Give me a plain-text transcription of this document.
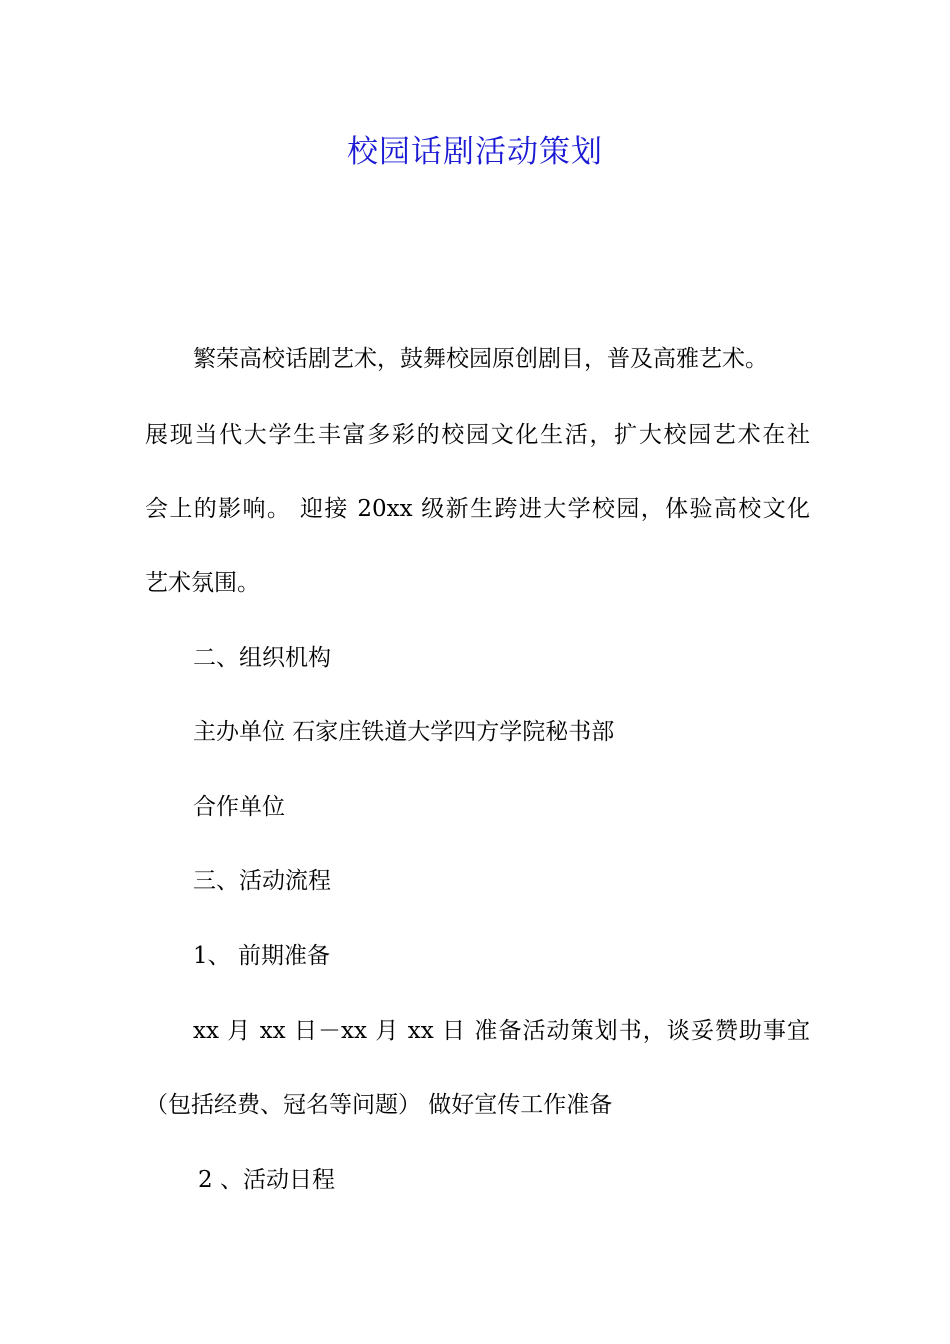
校园话剧活动策划
繁荣高校话剧艺术，鼓舞校园原创剧目，普及高雅艺术。
展现当代大学生丰富多彩的校园文化生活，扩大校园艺术在社
会上的影响。 迎接 20xx 级新生跨进大学校园，体验高校文化
艺术氛围。
二、组织机构
主办单位 石家庄铁道大学四方学院秘书部
合作单位
三、活动流程
1、 前期准备
xx 月 xx 日－xx 月 xx 日 准备活动策划书，谈妥赞助事宜
（包括经费、冠名等问题） 做好宣传工作准备
2 、活动日程
